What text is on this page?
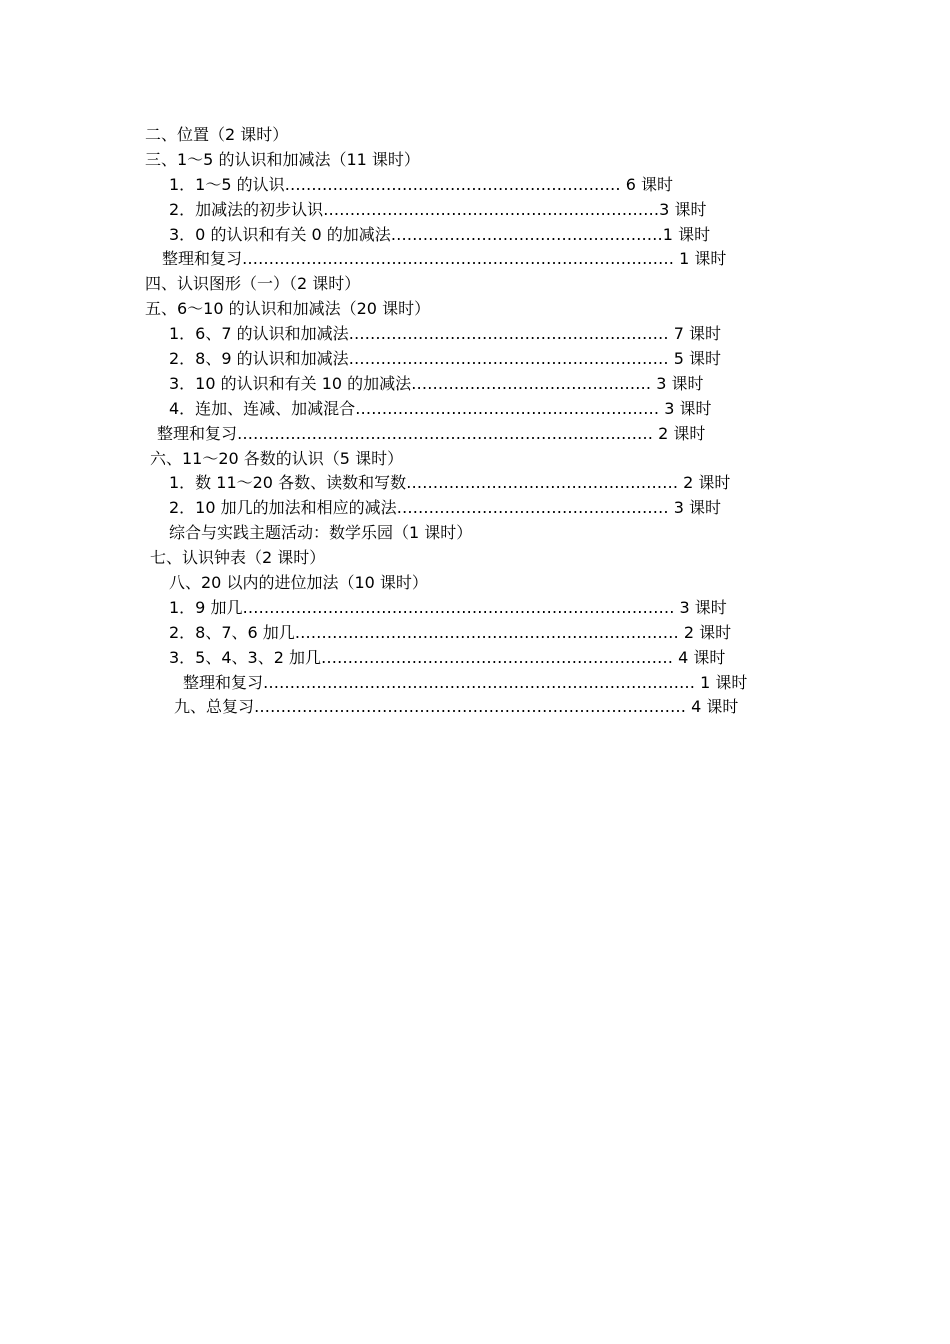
二、位置（2 课时）
三、1～5 的认识和加减法（11 课时）
1．1～5 的认识……………………………………………………… 6 课时
2．加减法的初步认识………………………………………………………3 课时
3．0 的认识和有关 0 的加减法……………………………………………1 课时
整理和复习……………………………………………………………………… 1 课时
四、认识图形（一）（2 课时）
五、6～10 的认识和加减法（20 课时）
1．6、7 的认识和加减法…………………………………………………… 7 课时
2．8、9 的认识和加减法…………………………………………………… 5 课时
3．10 的认识和有关 10 的加减法……………………………………… 3 课时
4．连加、连减、加减混合………………………………………………… 3 课时
整理和复习…………………………………………………………………… 2 课时
六、11～20 各数的认识（5 课时）
1．数 11～20 各数、读数和写数…………………………………………… 2 课时
2．10 加几的加法和相应的减法…………………………………………… 3 课时
综合与实践主题活动：数学乐园（1 课时）
七、认识钟表（2 课时）
八、20 以内的进位加法（10 课时）
1．9 加几……………………………………………………………………… 3 课时
2．8、7、6 加几……………………………………………………………… 2 课时
3．5、4、3、2 加几………………………………………………………… 4 课时
整理和复习……………………………………………………………………… 1 课时
九、总复习……………………………………………………………………… 4 课时
